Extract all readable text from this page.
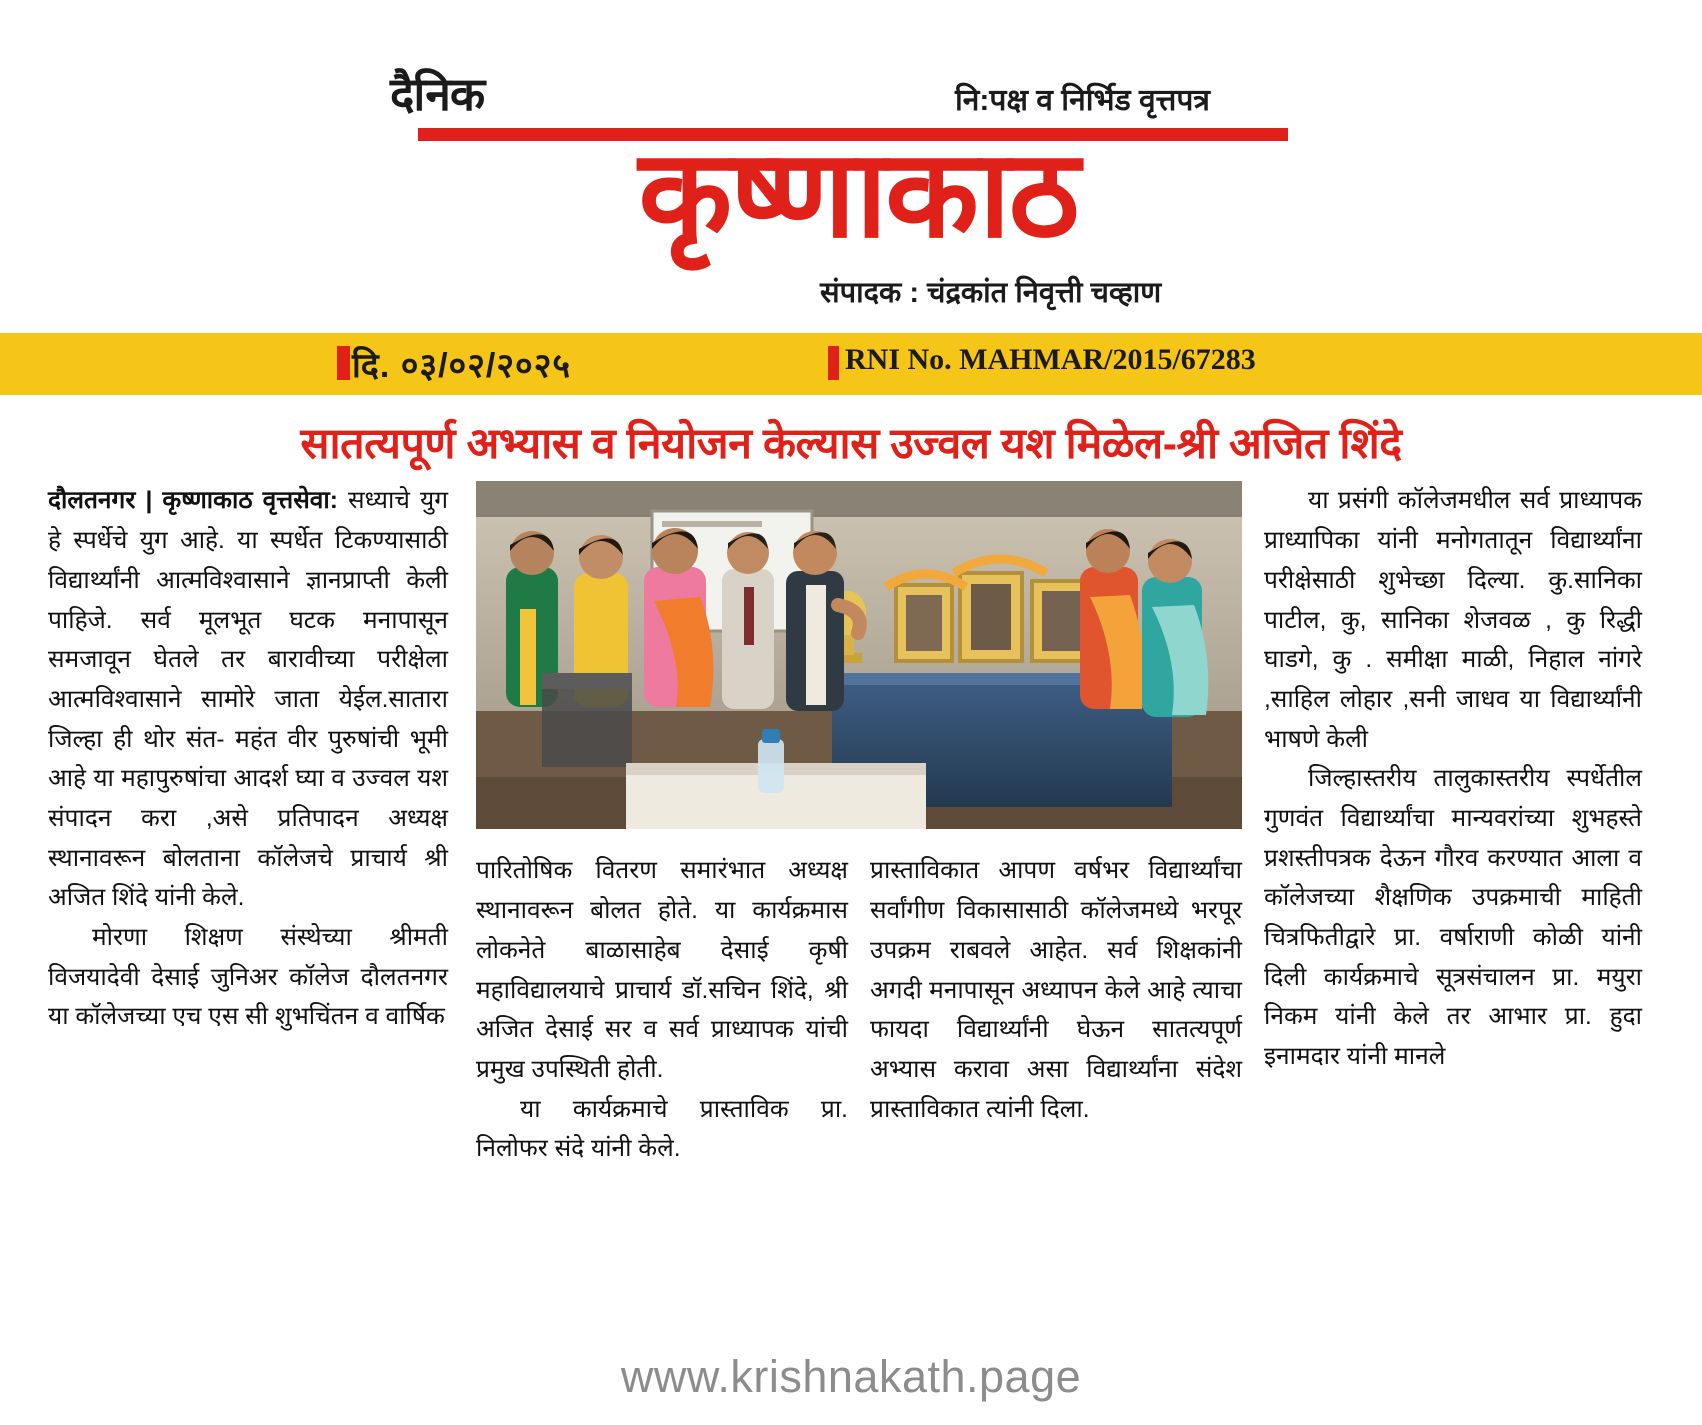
दैनिक	नि:पक्ष व निर्भिड वृत्तपत्र
कृष्णाकाठ
संपादक : चंद्रकांत निवृत्ती चव्हाण
दि. ०३/०२/२०२५	RNI No. MAHMAR/2015/67283
सातत्यपूर्ण अभ्यास व नियोजन केल्यास उज्वल यश मिळेल-श्री अजित शिंदे
दौलतनगर | कृष्णाकाठ वृत्तसेवा: सध्याचे युग हे स्पर्धेचे युग आहे. या स्पर्धेत टिकण्यासाठी विद्यार्थ्यांनी आत्मविश्वासाने ज्ञानप्राप्ती केली पाहिजे. सर्व मूलभूत घटक मनापासून समजावून घेतले तर बारावीच्या परीक्षेला आत्मविश्वासाने सामोरे जाता येईल.सातारा जिल्हा ही थोर संत- महंत वीर पुरुषांची भूमी आहे या महापुरुषांचा आदर्श घ्या व उज्वल यश संपादन करा ,असे प्रतिपादन अध्यक्ष स्थानावरून बोलताना कॉलेजचे प्राचार्य श्री अजित शिंदे यांनी केले.
मोरणा शिक्षण संस्थेच्या श्रीमती विजयादेवी देसाई जुनिअर कॉलेज दौलतनगर या कॉलेजच्या एच एस सी शुभचिंतन व वार्षिक
पारितोषिक वितरण समारंभात अध्यक्ष स्थानावरून बोलत होते. या कार्यक्रमास लोकनेते बाळासाहेब देसाई कृषी महाविद्यालयाचे प्राचार्य डॉ.सचिन शिंदे, श्री अजित देसाई सर व सर्व प्राध्यापक यांची प्रमुख उपस्थिती होती.
या कार्यक्रमाचे प्रास्ताविक प्रा. निलोफर संदे यांनी केले.
प्रास्ताविकात आपण वर्षभर विद्यार्थ्यांचा सर्वांगीण विकासासाठी कॉलेजमध्ये भरपूर उपक्रम राबवले आहेत. सर्व शिक्षकांनी अगदी मनापासून अध्यापन केले आहे त्याचा फायदा विद्यार्थ्यांनी घेऊन सातत्यपूर्ण अभ्यास करावा असा विद्यार्थ्यांना संदेश प्रास्ताविकात त्यांनी दिला.
या प्रसंगी कॉलेजमधील सर्व प्राध्यापक प्राध्यापिका यांनी मनोगतातून विद्यार्थ्यांना परीक्षेसाठी शुभेच्छा दिल्या. कु.सानिका पाटील, कु, सानिका शेजवळ , कु रिद्धी घाडगे, कु . समीक्षा माळी, निहाल नांगरे ,साहिल लोहार ,सनी जाधव या विद्यार्थ्यांनी भाषणे केली
जिल्हास्तरीय तालुकास्तरीय स्पर्धेतील गुणवंत विद्यार्थ्यांचा मान्यवरांच्या शुभहस्ते प्रशस्तीपत्रक देऊन गौरव करण्यात आला व कॉलेजच्या शैक्षणिक उपक्रमाची माहिती चित्रफितीद्वारे प्रा. वर्षाराणी कोळी यांनी दिली कार्यक्रमाचे सूत्रसंचालन प्रा. मयुरा निकम यांनी केले तर आभार प्रा. हुदा इनामदार यांनी मानले
www.krishnakath.page
